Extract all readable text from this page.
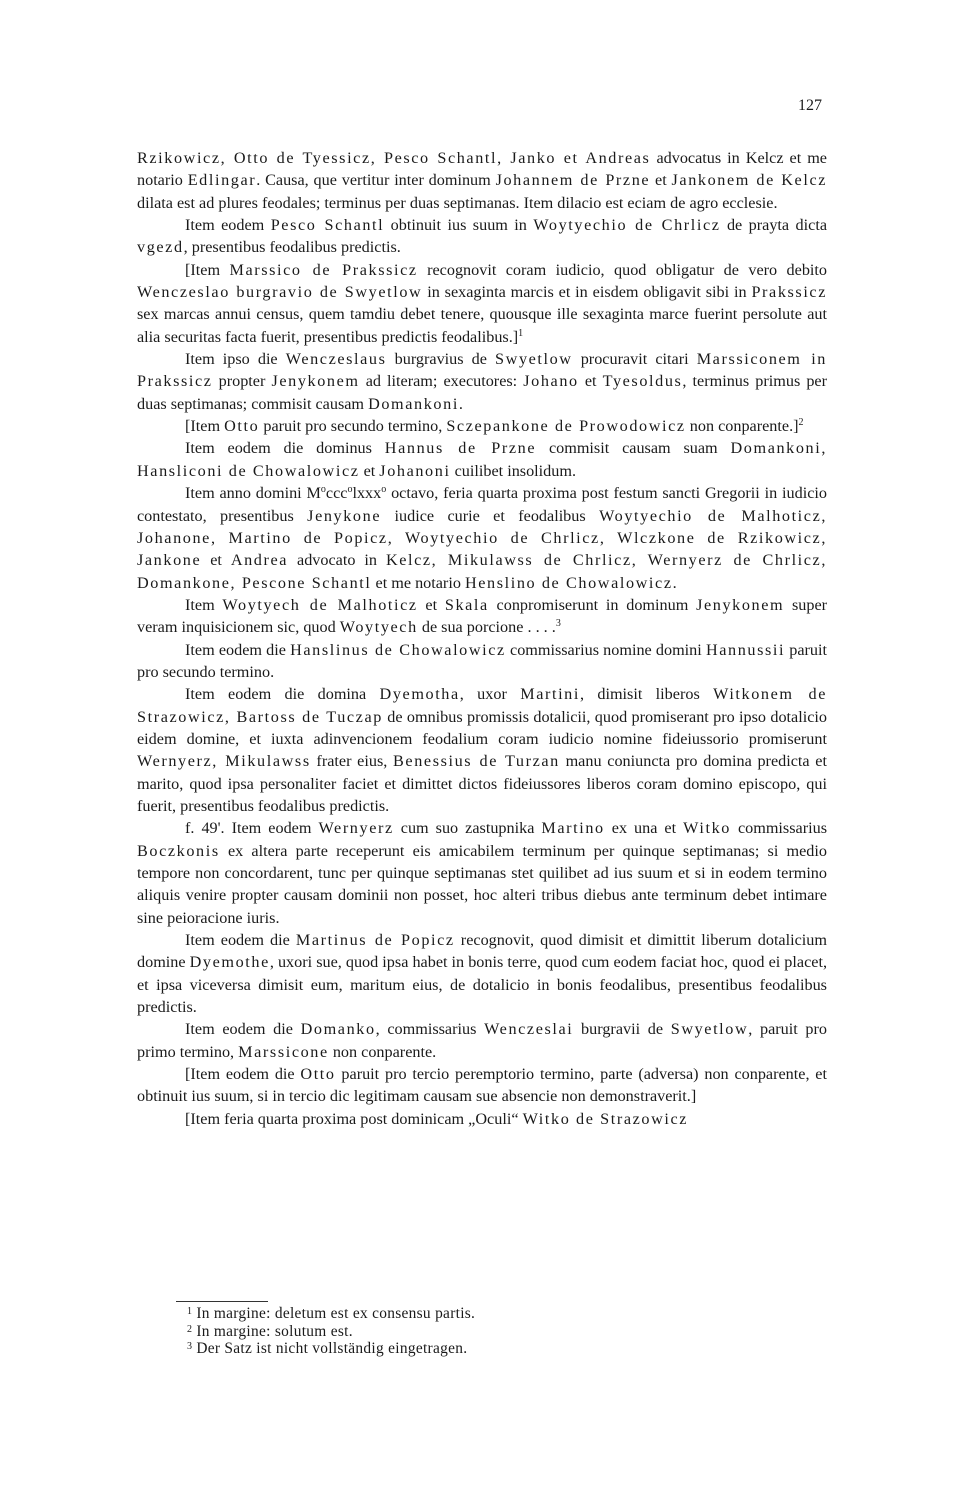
127

Rzikowicz, Otto de Tyessicz, Pesco Schantl, Janko et Andreas advocatus in Kelcz et me notario Edlingar. Causa, que vertitur inter dominum Johannem de Przne et Jankonem de Kelcz dilata est ad plures feodales; terminus per duas septimanas. Item dilacio est eciam de agro ecclesie.

Item eodem Pesco Schantl obtinuit ius suum in Woytyechio de Chrlicz de prayta dicta vgezd, presentibus feodalibus predictis.

[Item Marssico de Prakssicz recognovit coram iudicio, quod obligatur de vero debito Wenczeslao burgravio de Swyetlow in sexaginta marcis et in eisdem obligavit sibi in Prakssicz sex marcas annui census, quem tamdiu debet tenere, quousque ille sexaginta marce fuerint persolute aut alia securitas facta fuerit, presentibus predictis feodalibus.]$^1$

Item ipso die Wenczeslaus burgravius de Swyetlow procuravit citari Marssiconem in Prakssicz propter Jenykonem ad literam; executores: Johano et Tyesoldus, terminus primus per duas septimanas; commisit causam Domankoni.

[Item Otto paruit pro secundo termino, Sczepankone de Prowodowicz non conparente.]$^2$

Item eodem die dominus Hannus de Przne commisit causam suam Domankoni, Hansliconi de Chowalowicz et Johanoni cuilibet insolidum.

Item anno domini $M^occc^olxxx^o$ octavo, feria quarta proxima post festum sancti Gregorii in iudicio contestato, presentibus Jenykone iudice curie et feodalibus Woytyechio de Malhoticz, Johanone, Martino de Popicz, Woytyechio de Chrlicz, Wlczkone de Rzikowicz, Jankone et Andrea advocato in Kelcz, Mikulawss de Chrlicz, Wernyerz de Chrlicz, Domankone, Pescone Schantl et me notario Henslino de Chowalowicz.

Item Woytyech de Malhoticz et Skala conpromiserunt in dominum Jenykonem super veram inquisicionem sic, quod Woytyech de sua porcione . . . .$^3$

Item eodem die Hanslinus de Chowalowicz commissarius nomine domini Hannussii paruit pro secundo termino.

Item eodem die domina Dyemotha, uxor Martini, dimisit liberos Witkonem de Strazowicz, Bartoss de Tuczap de omnibus promissis dotalicii, quod promiserant pro ipso dotalicio eidem domine, et iuxta adinvencionem feodalium coram iudicio nomine fideiussorio promiserunt Wernyerz, Mikulawss frater eius, Benessius de Turzan manu coniuncta pro domina predicta et marito, quod ipsa personaliter faciet et dimittet dictos fideiussores liberos coram domino episcopo, qui fuerit, presentibus feodalibus predictis.

f. 49'. Item eodem Wernyerz cum suo zastupnika Martino ex una et Witko commissarius Boczkonis ex altera parte receperunt eis amicabilem terminum per quinque septimanas; si medio tempore non concordarent, tunc per quinque septimanas stet quilibet ad ius suum et si in eodem termino aliquis venire propter causam dominii non posset, hoc alteri tribus diebus ante terminum debet intimare sine peioracione iuris.

Item eodem die Martinus de Popicz recognovit, quod dimisit et dimittit liberum dotalicium domine Dyemothe, uxori sue, quod ipsa habet in bonis terre, quod cum eodem faciat hoc, quod ei placet, et ipsa viceversa dimisit eum, maritum eius, de dotalicio in bonis feodalibus, presentibus feodalibus predictis.

Item eodem die Domanko, commissarius Wenczeslai burgravii de Swyetlow, paruit pro primo termino, Marssicone non conparente.

[Item eodem die Otto paruit pro tercio peremptorio termino, parte (adversa) non conparente, et obtinuit ius suum, si in tercio dic legitimam causam sue absencie non demonstraverit.]

[Item feria quarta proxima post dominicam „Oculi“ Witko de Strazowicz

$^1$ In margine: deletum est ex consensu partis.

$^2$ In margine: solutum est.

$^3$ Der Satz ist nicht vollständig eingetragen.
